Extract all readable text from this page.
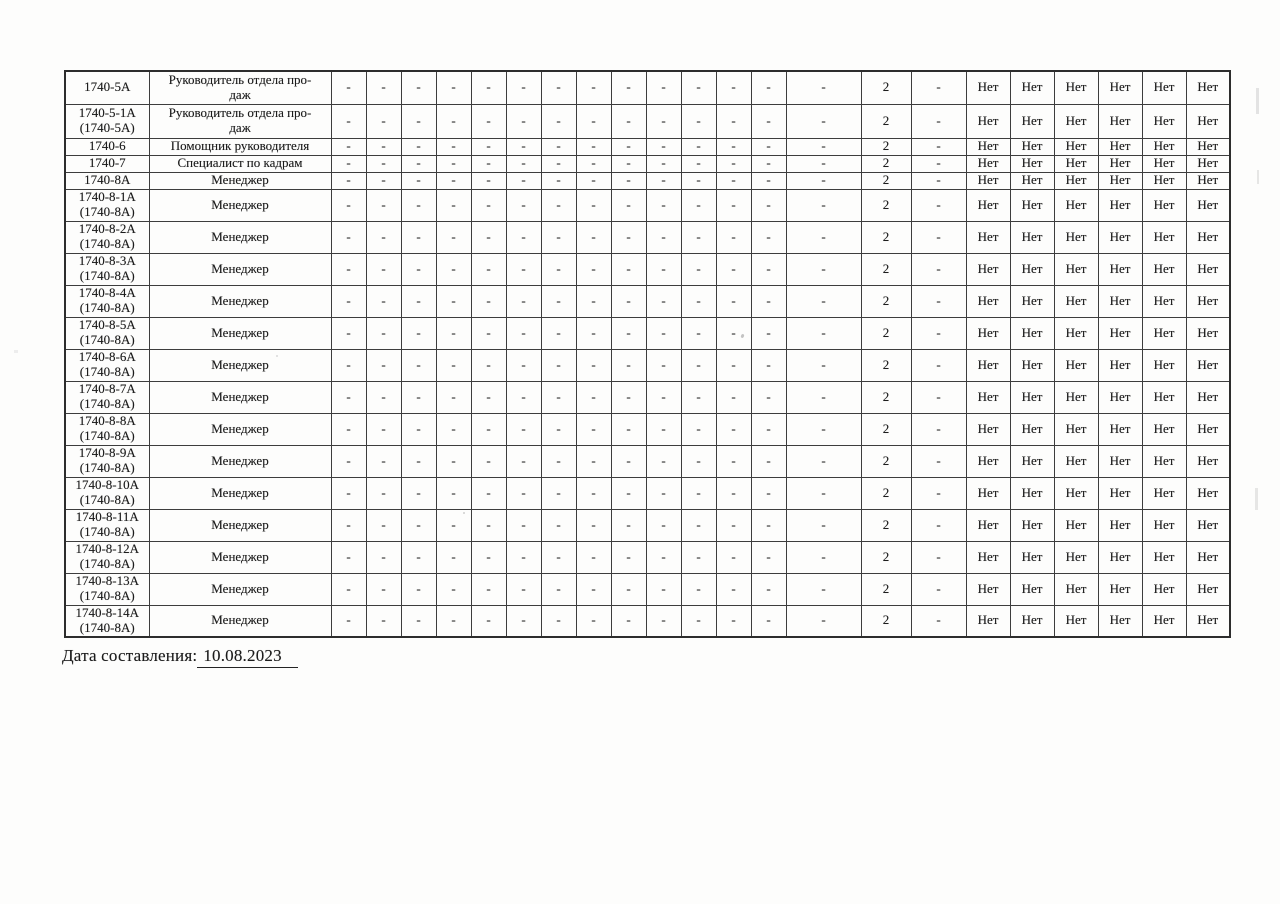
1740-5А	Руководитель отдела про-
даж	-	-	-	-	-	-	-	-	-	-	-	-	-	-	2	-	Нет	Нет	Нет	Нет	Нет	Нет
1740-5-1А
(1740-5А)	Руководитель отдела про-
даж	-	-	-	-	-	-	-	-	-	-	-	-	-	-	2	-	Нет	Нет	Нет	Нет	Нет	Нет
1740-6	Помощник руководителя	-	-	-	-	-	-	-	-	-	-	-	-	-	-	2	-	Нет	Нет	Нет	Нет	Нет	Нет
1740-7	Специалист по кадрам	-	-	-	-	-	-	-	-	-	-	-	-	-	-	2	-	Нет	Нет	Нет	Нет	Нет	Нет
1740-8А	Менеджер	-	-	-	-	-	-	-	-	-	-	-	-	-	-	2	-	Нет	Нет	Нет	Нет	Нет	Нет
1740-8-1А
(1740-8А)	Менеджер	-	-	-	-	-	-	-	-	-	-	-	-	-	-	2	-	Нет	Нет	Нет	Нет	Нет	Нет
1740-8-2А
(1740-8А)	Менеджер	-	-	-	-	-	-	-	-	-	-	-	-	-	-	2	-	Нет	Нет	Нет	Нет	Нет	Нет
1740-8-3А
(1740-8А)	Менеджер	-	-	-	-	-	-	-	-	-	-	-	-	-	-	2	-	Нет	Нет	Нет	Нет	Нет	Нет
1740-8-4А
(1740-8А)	Менеджер	-	-	-	-	-	-	-	-	-	-	-	-	-	-	2	-	Нет	Нет	Нет	Нет	Нет	Нет
1740-8-5А
(1740-8А)	Менеджер	-	-	-	-	-	-	-	-	-	-	-	-	-	-	2	-	Нет	Нет	Нет	Нет	Нет	Нет
1740-8-6А
(1740-8А)	Менеджер	-	-	-	-	-	-	-	-	-	-	-	-	-	-	2	-	Нет	Нет	Нет	Нет	Нет	Нет
1740-8-7А
(1740-8А)	Менеджер	-	-	-	-	-	-	-	-	-	-	-	-	-	-	2	-	Нет	Нет	Нет	Нет	Нет	Нет
1740-8-8А
(1740-8А)	Менеджер	-	-	-	-	-	-	-	-	-	-	-	-	-	-	2	-	Нет	Нет	Нет	Нет	Нет	Нет
1740-8-9А
(1740-8А)	Менеджер	-	-	-	-	-	-	-	-	-	-	-	-	-	-	2	-	Нет	Нет	Нет	Нет	Нет	Нет
1740-8-10А
(1740-8А)	Менеджер	-	-	-	-	-	-	-	-	-	-	-	-	-	-	2	-	Нет	Нет	Нет	Нет	Нет	Нет
1740-8-11А
(1740-8А)	Менеджер	-	-	-	-	-	-	-	-	-	-	-	-	-	-	2	-	Нет	Нет	Нет	Нет	Нет	Нет
1740-8-12А
(1740-8А)	Менеджер	-	-	-	-	-	-	-	-	-	-	-	-	-	-	2	-	Нет	Нет	Нет	Нет	Нет	Нет
1740-8-13А
(1740-8А)	Менеджер	-	-	-	-	-	-	-	-	-	-	-	-	-	-	2	-	Нет	Нет	Нет	Нет	Нет	Нет
1740-8-14А
(1740-8А)	Менеджер	-	-	-	-	-	-	-	-	-	-	-	-	-	-	2	-	Нет	Нет	Нет	Нет	Нет	Нет
Дата составления: 10.08.2023
